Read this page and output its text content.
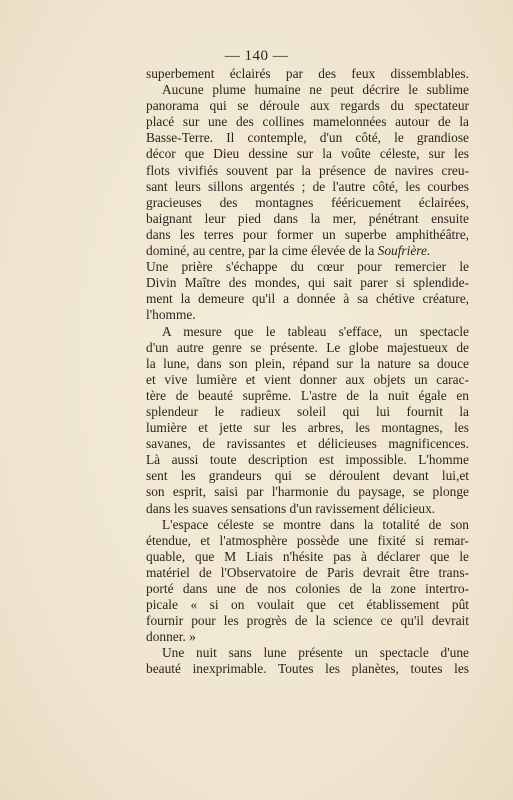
— 140 —
superbement éclairés par des feux dissemblables.
Aucune plume humaine ne peut décrire le sublime
panorama qui se déroule aux regards du spectateur
placé sur une des collines mamelonnées autour de la
Basse-Terre. Il contemple, d'un côté, le grandiose
décor que Dieu dessine sur la voûte céleste, sur les
flots vivifiés souvent par la présence de navires creu-
sant leurs sillons argentés ; de l'autre côté, les courbes
gracieuses des montagnes fééricuement éclairées,
baignant leur pied dans la mer, pénétrant ensuite
dans les terres pour former un superbe amphithéâtre,
dominé, au centre, par la cime élevée de la Soufrière.
Une prière s'échappe du cœur pour remercier le
Divin Maître des mondes, qui sait parer si splendide-
ment la demeure qu'il a donnée à sa chétive créature,
l'homme.
A mesure que le tableau s'efface, un spectacle
d'un autre genre se présente. Le globe majestueux de
la lune, dans son plein, répand sur la nature sa douce
et vive lumière et vient donner aux objets un carac-
tère de beauté suprême. L'astre de la nuit égale en
splendeur le radieux soleil qui lui fournit la
lumière et jette sur les arbres, les montagnes, les
savanes, de ravissantes et délicieuses magnificences.
Là aussi toute description est impossible. L'homme
sent les grandeurs qui se déroulent devant lui,et
son esprit, saisi par l'harmonie du paysage, se plonge
dans les suaves sensations d'un ravissement délicieux.
L'espace céleste se montre dans la totalité de son
étendue, et l'atmosphère possède une fixité si remar-
quable, que M Liais n'hésite pas à déclarer que le
matériel de l'Observatoire de Paris devrait être trans-
porté dans une de nos colonies de la zone intertro-
picale « si on voulait que cet établissement pût
fournir pour les progrès de la science ce qu'il devrait
donner. »
Une nuit sans lune présente un spectacle d'une
beauté inexprimable. Toutes les planètes, toutes les
